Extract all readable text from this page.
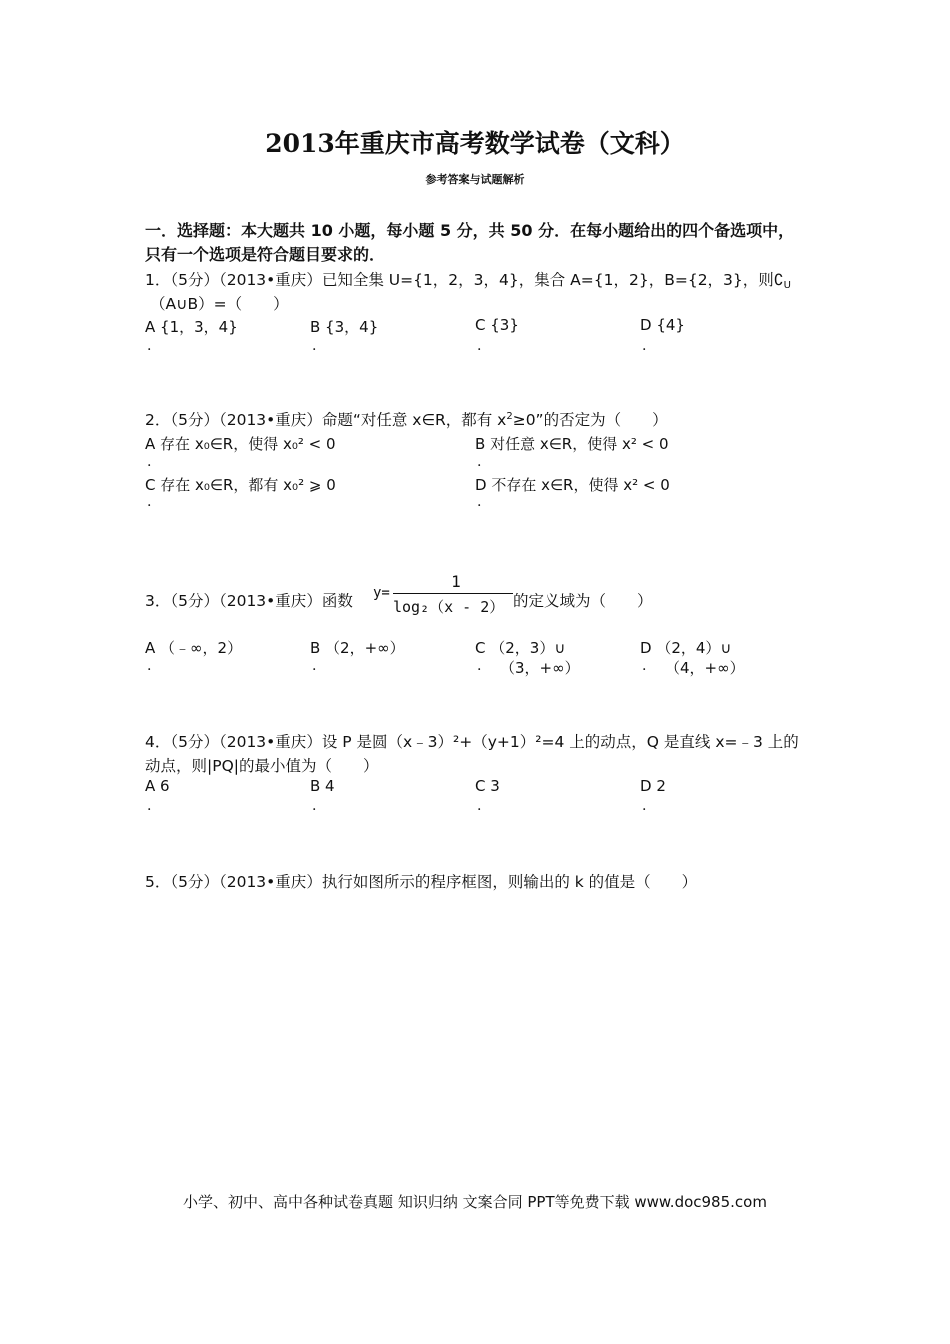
2013年重庆市高考数学试卷（文科）
参考答案与试题解析
一．选择题：本大题共 10 小题，每小题 5 分，共 50 分．在每小题给出的四个备选项中，
只有一个选项是符合题目要求的．
1．（5分）（2013•重庆）已知全集 U={1，2，3，4}，集合 A={1，2}，B={2，3}，则$∁_U$
（A∪B）=（　　）
A {1，3，4}	B {3，4}	C {3}	D {4}
.	.	.	.
2．（5分）（2013•重庆）命题“对任意 x∈R，都有 $x^2\ge 0$”的否定为（　　）
A 存在 x₀∈R，使得 x₀² < 0	B 对任意 x∈R，使得 x² < 0
.	.
C 存在 x₀∈R，都有 x₀² ⩾ 0	D 不存在 x∈R，使得 x² < 0
.	.
3．（5分）（2013•重庆）函数 y=
1
log₂（x - 2） 的定义域为（　　）
A （﹣∞，2）	B （2，+∞）	C （2，3）∪	D （2，4）∪
.	.	.	.
（3，+∞）	（4，+∞）
4．（5分）（2013•重庆）设 P 是圆（x﹣3）²+（y+1）²=4 上的动点，Q 是直线 x=﹣3 上的
动点，则|PQ|的最小值为（　　）
A 6	B 4	C 3	D 2
.	.	.	.
5．（5分）（2013•重庆）执行如图所示的程序框图，则输出的 k 的值是（　　）
小学、初中、高中各种试卷真题 知识归纳 文案合同 PPT等免费下载 www.doc985.com
